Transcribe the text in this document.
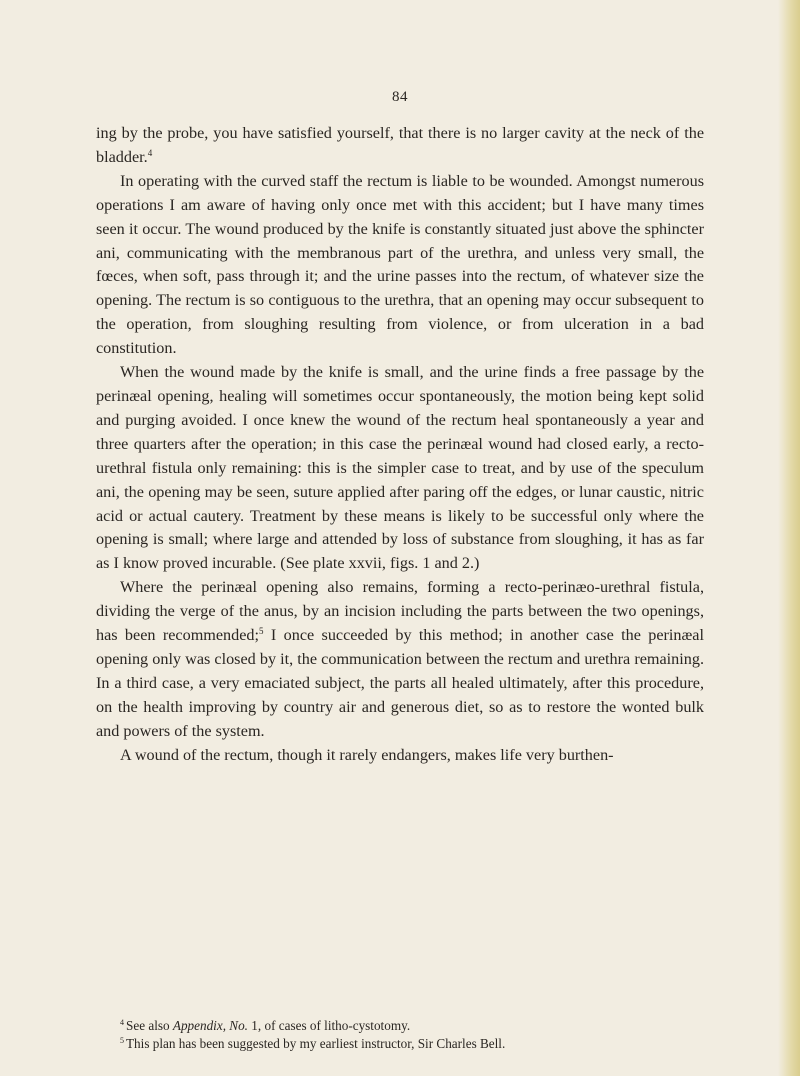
84

ing by the probe, you have satisfied yourself, that there is no larger cavity at the neck of the bladder.$^4$

In operating with the curved staff the rectum is liable to be wounded. Amongst numerous operations I am aware of having only once met with this accident; but I have many times seen it occur. The wound produced by the knife is constantly situated just above the sphincter ani, communicating with the membranous part of the urethra, and unless very small, the fœces, when soft, pass through it; and the urine passes into the rectum, of whatever size the opening. The rectum is so contiguous to the urethra, that an opening may occur subsequent to the operation, from sloughing resulting from violence, or from ulceration in a bad constitution.

When the wound made by the knife is small, and the urine finds a free passage by the perinæal opening, healing will sometimes occur spontaneously, the motion being kept solid and purging avoided. I once knew the wound of the rectum heal spontaneously a year and three quarters after the operation; in this case the perinæal wound had closed early, a recto-urethral fistula only remaining: this is the simpler case to treat, and by use of the speculum ani, the opening may be seen, suture applied after paring off the edges, or lunar caustic, nitric acid or actual cautery. Treatment by these means is likely to be successful only where the opening is small; where large and attended by loss of substance from sloughing, it has as far as I know proved incurable. (See plate xxvii, figs. 1 and 2.)

Where the perinæal opening also remains, forming a recto-perinæo-urethral fistula, dividing the verge of the anus, by an incision including the parts between the two openings, has been recommended;$^5$ I once succeeded by this method; in another case the perinæal opening only was closed by it, the communication between the rectum and urethra remaining. In a third case, a very emaciated subject, the parts all healed ultimately, after this procedure, on the health improving by country air and generous diet, so as to restore the wonted bulk and powers of the system.

A wound of the rectum, though it rarely endangers, makes life very burthen-

$^4$ See also Appendix, No. 1, of cases of litho-cystotomy.

$^5$ This plan has been suggested by my earliest instructor, Sir Charles Bell.
